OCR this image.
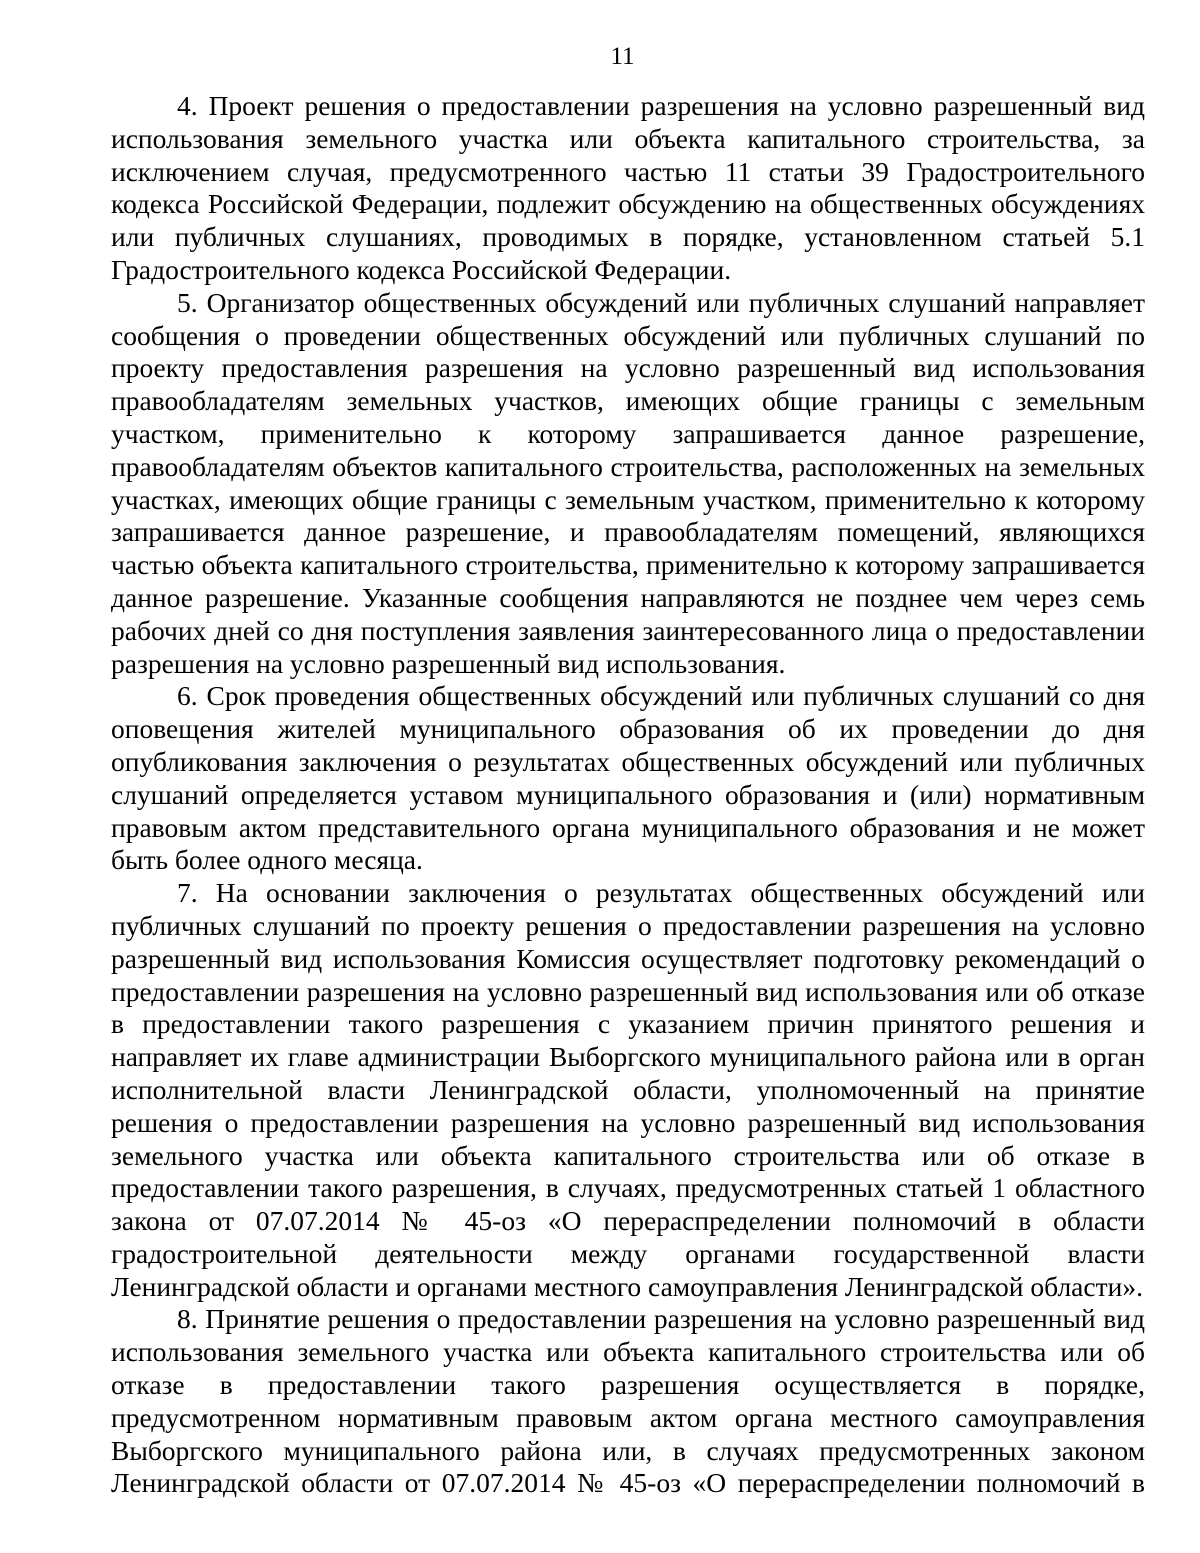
11

4. Проект решения о предоставлении разрешения на условно разрешенный вид использования земельного участка или объекта капитального строительства, за исключением случая, предусмотренного частью 11 статьи 39 Градостроительного кодекса Российской Федерации, подлежит обсуждению на общественных обсуждениях или публичных слушаниях, проводимых в порядке, установленном статьей 5.1 Градостроительного кодекса Российской Федерации.

5. Организатор общественных обсуждений или публичных слушаний направляет сообщения о проведении общественных обсуждений или публичных слушаний по проекту предоставления разрешения на условно разрешенный вид использования правообладателям земельных участков, имеющих общие границы с земельным участком, применительно к которому запрашивается данное разрешение, правообладателям объектов капитального строительства, расположенных на земельных участках, имеющих общие границы с земельным участком, применительно к которому запрашивается данное разрешение, и правообладателям помещений, являющихся частью объекта капитального строительства, применительно к которому запрашивается данное разрешение. Указанные сообщения направляются не позднее чем через семь рабочих дней со дня поступления заявления заинтересованного лица о предоставлении разрешения на условно разрешенный вид использования.

6. Срок проведения общественных обсуждений или публичных слушаний со дня оповещения жителей муниципального образования об их проведении до дня опубликования заключения о результатах общественных обсуждений или публичных слушаний определяется уставом муниципального образования и (или) нормативным правовым актом представительного органа муниципального образования и не может быть более одного месяца.

7. На основании заключения о результатах общественных обсуждений или публичных слушаний по проекту решения о предоставлении разрешения на условно разрешенный вид использования Комиссия осуществляет подготовку рекомендаций о предоставлении разрешения на условно разрешенный вид использования или об отказе в предоставлении такого разрешения с указанием причин принятого решения и направляет их главе администрации Выборгского муниципального района или в орган исполнительной власти Ленинградской области, уполномоченный на принятие решения о предоставлении разрешения на условно разрешенный вид использования земельного участка или объекта капитального строительства или об отказе в предоставлении такого разрешения, в случаях, предусмотренных статьей 1 областного закона от 07.07.2014 № 45-оз «О перераспределении полномочий в области градостроительной деятельности между органами государственной власти Ленинградской области и органами местного самоуправления Ленинградской области».

8. Принятие решения о предоставлении разрешения на условно разрешенный вид использования земельного участка или объекта капитального строительства или об отказе в предоставлении такого разрешения осуществляется в порядке, предусмотренном нормативным правовым актом органа местного самоуправления Выборгского муниципального района или, в случаях предусмотренных законом Ленинградской области от 07.07.2014 № 45-оз «О перераспределении полномочий в
